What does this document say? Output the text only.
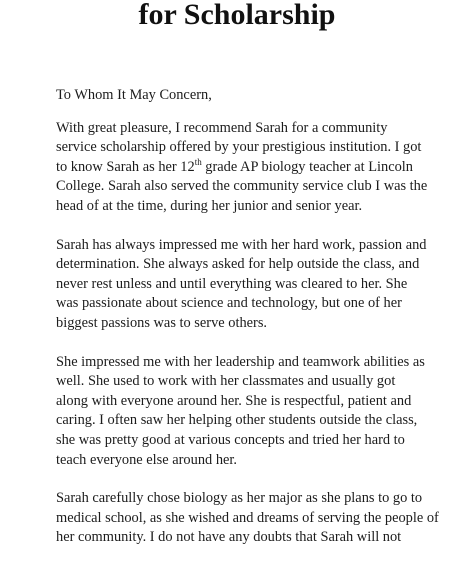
for Scholarship

To Whom It May Concern,

With great pleasure, I recommend Sarah for a community
service scholarship offered by your prestigious institution. I got
to know Sarah as her 12th grade AP biology teacher at Lincoln
College. Sarah also served the community service club I was the
head of at the time, during her junior and senior year.

Sarah has always impressed me with her hard work, passion and
determination. She always asked for help outside the class, and
never rest unless and until everything was cleared to her. She
was passionate about science and technology, but one of her
biggest passions was to serve others.

She impressed me with her leadership and teamwork abilities as
well. She used to work with her classmates and usually got
along with everyone around her. She is respectful, patient and
caring. I often saw her helping other students outside the class,
she was pretty good at various concepts and tried her hard to
teach everyone else around her.

Sarah carefully chose biology as her major as she plans to go to
medical school, as she wished and dreams of serving the people of
her community. I do not have any doubts that Sarah will not
